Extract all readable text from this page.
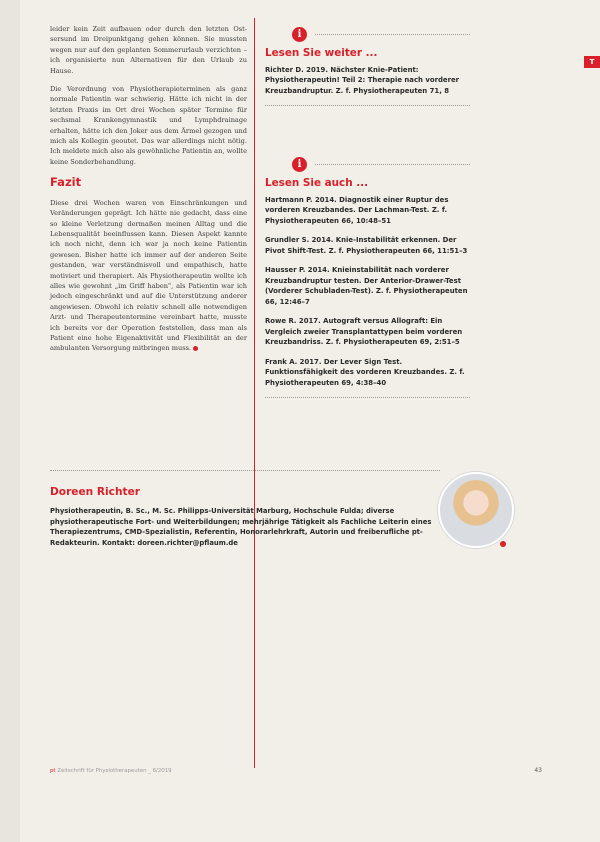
leider kein Zeit aufbauen oder durch den letzten Ost-sersund im Dreipunktgang gehen können. Sie mussten wegen nur auf den geplanten Sommerurlaub verzichten – ich organisierte nun Alternativen für den Urlaub zu Hause.

Die Verordnung von Physiotherapieterminen als ganz normale Patientin war schwierig. Hätte ich nicht in der letzten Praxis im Ort drei Wochen später Termine für sechsmal Krankengymnastik und Lymphdrainage erhalten, hätte ich den Joker aus dem Ärmel gezogen und mich als Kollegin geoutet. Das war allerdings nicht nötig. Ich meldete mich also als gewöhnliche Patientin an, wollte keine Sonderbehandlung.

Fazit

Diese drei Wochen waren von Einschränkungen und Veränderungen geprägt. Ich hätte nie gedacht, dass eine so kleine Verletzung dermaßen meinen Alltag und die Lebensqualität beeinflussen kann. Diesen Aspekt kannte ich noch nicht, denn ich war ja noch keine Patientin gewesen. Bisher hatte ich immer auf der anderen Seite gestanden, war verständnisvoll und empathisch, hatte motiviert und therapiert. Als Physiotherapeutin wollte ich alles wie gewohnt „im Griff haben", als Patientin war ich jedoch eingeschränkt und auf die Unterstützung anderer angewiesen. Obwohl ich relativ schnell alle notwendigen Arzt- und Therapeutentermine vereinbart hatte, musste ich bereits vor der Operation feststellen, dass man als Patient eine hohe Eigenaktivität und Flexibilität an der ambulanten Versorgung mitbringen muss.

i
Lesen Sie weiter ...
Richter D. 2019. Nächster Knie-Patient: Physiotherapeutin! Teil 2: Therapie nach vorderer Kreuzbandruptur. Z. f. Physiotherapeuten 71, 8
i
Lesen Sie auch ...
Hartmann P. 2014. Diagnostik einer Ruptur des vorderen Kreuzbandes. Der Lachman-Test. Z. f. Physiotherapeuten 66, 10:48–51
Grundler S. 2014. Knie-Instabilität erkennen. Der Pivot Shift-Test. Z. f. Physiotherapeuten 66, 11:51–3
Hausser P. 2014. Knieinstabilität nach vorderer Kreuzbandruptur testen. Der Anterior-Drawer-Test (Vorderer Schubladen-Test). Z. f. Physiotherapeuten 66, 12:46–7
Rowe R. 2017. Autograft versus Allograft: Ein Vergleich zweier Transplantattypen beim vorderen Kreuzbandriss. Z. f. Physiotherapeuten 69, 2:51–5
Frank A. 2017. Der Lever Sign Test. Funktionsfähigkeit des vorderen Kreuzbandes. Z. f. Physiotherapeuten 69, 4:38–40
T
Doreen Richter
Physiotherapeutin, B. Sc., M. Sc. Philipps-Universität Marburg, Hochschule Fulda; diverse physiotherapeutische Fort- und Weiterbildungen; mehrjährige Tätigkeit als Fachliche Leiterin eines Therapiezentrums, CMD-Spezialistin, Referentin, Honorarlehrkraft, Autorin und freiberufliche pt-Redakteurin. Kontakt: doreen.richter@pflaum.de
pt Zeitschrift für Physiotherapeuten _ 6/2019	43
